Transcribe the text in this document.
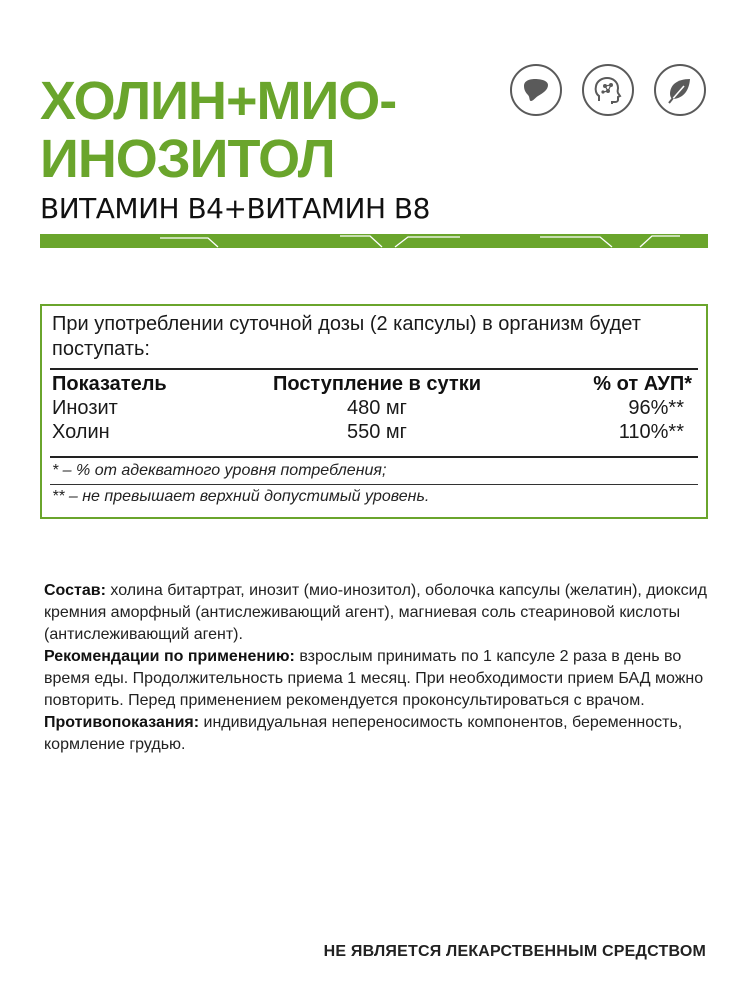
ХОЛИН+МИО-
ИНОЗИТОЛ
ВИТАМИН В4+ВИТАМИН В8

При употреблении суточной дозы (2 капсулы) в организм будет поступать:

Показатель	Поступление в сутки	% от АУП*
Инозит	480 мг	96%**
Холин	550 мг	110%**

* – % от адекватного уровня потребления;

** – не превышает верхний допустимый уровень.

Состав: холина битартрат, инозит (мио-инозитол), оболочка капсулы (желатин), диоксид кремния аморфный (антислеживающий агент), магниевая соль стеариновой кислоты (антислеживающий агент).

Рекомендации по применению: взрослым принимать по 1 капсуле 2 раза в день во время еды. Продолжительность приема 1 месяц. При необходимости прием БАД можно повторить. Перед применением рекомендуется проконсультироваться с врачом.

Противопоказания: индивидуальная непереносимость компонентов, беременность, кормление грудью.

НЕ ЯВЛЯЕТСЯ ЛЕКАРСТВЕННЫМ СРЕДСТВОМ
